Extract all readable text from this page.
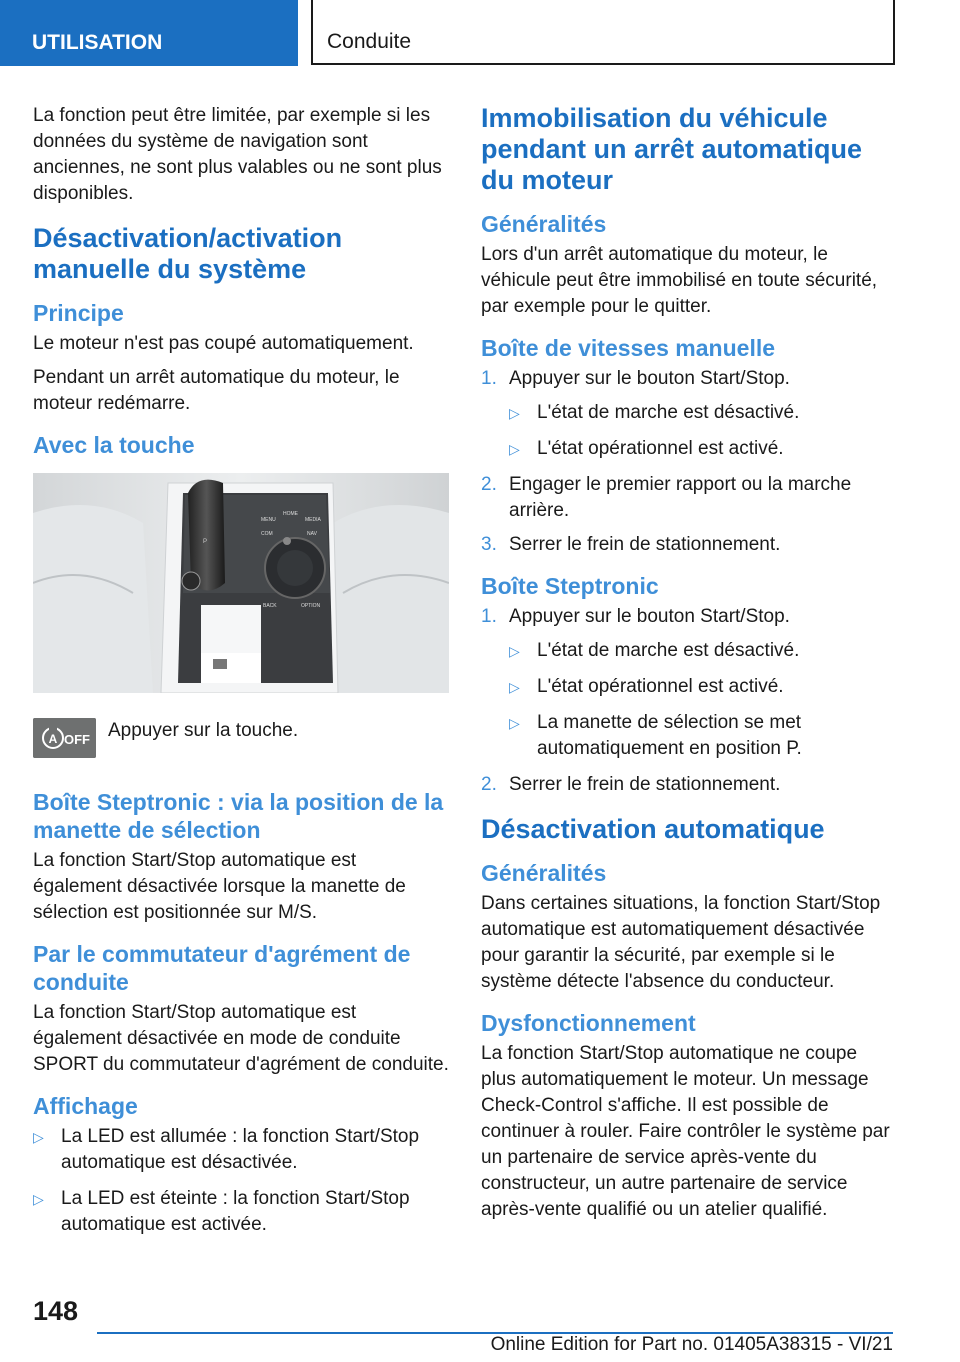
UTILISATION	Conduite

La fonction peut être limitée, par exemple si les données du système de navigation sont anciennes, ne sont plus valables ou ne sont plus disponibles.

Désactivation/activation manuelle du système
Principe

Le moteur n'est pas coupé automatiquement.

Pendant un arrêt automatique du moteur, le moteur redémarre.

Avec la touche
P
MENU
HOME
COM	NAV
MEDIA
BACK	OPTION
A OFF Appuyer sur la touche.
Boîte Steptronic : via la position de la manette de sélection

La fonction Start/Stop automatique est également désactivée lorsque la manette de sélection est positionnée sur M/S.

Par le commutateur d'agrément de conduite

La fonction Start/Stop automatique est également désactivée en mode de conduite SPORT du commutateur d'agrément de conduite.

Affichage
▷ La LED est allumée : la fonction Start/Stop automatique est désactivée.
▷ La LED est éteinte : la fonction Start/Stop automatique est activée.
Immobilisation du véhicule pendant un arrêt automatique du moteur
Généralités

Lors d'un arrêt automatique du moteur, le véhicule peut être immobilisé en toute sécurité, par exemple pour le quitter.

Boîte de vitesses manuelle
1. Appuyer sur le bouton Start/Stop.
▷ L'état de marche est désactivé.
▷ L'état opérationnel est activé.
2. Engager le premier rapport ou la marche arrière.
3. Serrer le frein de stationnement.
Boîte Steptronic
1. Appuyer sur le bouton Start/Stop.
▷ L'état de marche est désactivé.
▷ L'état opérationnel est activé.
▷ La manette de sélection se met automatiquement en position P.
2. Serrer le frein de stationnement.
Désactivation automatique
Généralités

Dans certaines situations, la fonction Start/Stop automatique est automatiquement désactivée pour garantir la sécurité, par exemple si le système détecte l'absence du conducteur.

Dysfonctionnement

La fonction Start/Stop automatique ne coupe plus automatiquement le moteur. Un message Check-Control s'affiche. Il est possible de continuer à rouler. Faire contrôler le système par un partenaire de service après-vente du constructeur, un autre partenaire de service après-vente qualifié ou un atelier qualifié.

148
Online Edition for Part no. 01405A38315 - VI/21
